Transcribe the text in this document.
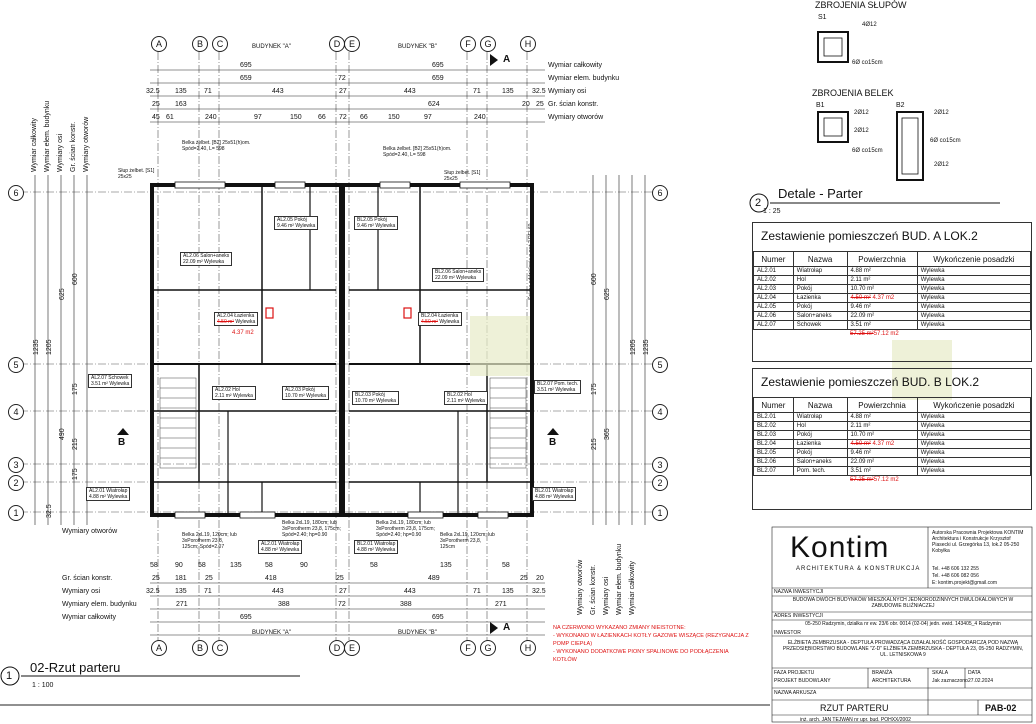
ZBROJENIA SŁUPÓW
S1
4Ø12
6Ø co15cm
ZBROJENIA BELEK
B1	B2
2Ø12
2Ø12
6Ø co15cm
2Ø12
6Ø co15cm
2Ø12
2
Detale - Parter
1 : 25
Zestawienie pomieszczeń BUD. A LOK.2
Numer	Nazwa	Powierzchnia	Wykończenie posadzki
AL2.01	Wiatrołap	4.88 m²	Wylewka
AL2.02	Hol	2.11 m²	Wylewka
AL2.03	Pokój	10.70 m²	Wylewka
AL2.04	Łazienka	4.50 m² 4.37 m2	Wylewka
AL2.05	Pokój	9.46 m²	Wylewka
AL2.06	Salon+aneks	22.09 m²	Wylewka
AL2.07	Schowek	3.51 m²	Wylewka
		57.25 m²57.12 m2	
Zestawienie pomieszczeń BUD. B LOK.2
Numer	Nazwa	Powierzchnia	Wykończenie posadzki
BL2.01	Wiatrołap	4.88 m²	Wylewka
BL2.02	Hol	2.11 m²	Wylewka
BL2.03	Pokój	10.70 m²	Wylewka
BL2.04	Łazienka	4.50 m² 4.37 m2	Wylewka
BL2.05	Pokój	9.46 m²	Wylewka
BL2.06	Salon+aneks	22.09 m²	Wylewka
BL2.07	Pom. tech.	3.51 m²	Wylewka
		57.25 m²57.12 m2	
Kontim
ARCHITEKTURA & KONSTRUKCJA
Autorska Pracownia Projektowa KONTIM Architektura i Konstrukcje Krzysztof Piasecki ul. Grzegórka 13, lok.2 05-250 Kobyłka
Tel. +48 606 132 255
Tel. +48 606 082 056
E: kontim.projekt@gmail.com
NAZWA INWESTYCJI
BUDOWA DWÓCH BUDYNKÓW MIESZKALNYCH JEDNORODZINNYCH DWULOKALOWYCH W ZABUDOWIE BLIŹNIACZEJ
ADRES INWESTYCJI
05-250 Radzymin, działka nr ew. 23/6 obr. 0014 (02-04) jedn. ewid. 143405_4 Radzymin
INWESTOR
ELŻBIETA ZEMBRZUSKA - DEPTUŁA PROWADZĄCA DZIAŁALNOŚĆ GOSPODARCZĄ POD NAZWĄ PRZEDSIĘBIORSTWO BUDOWLANE "Z-D" ELŻBIETA ZEMBRZUSKA - DEPTUŁA 23, 05-250 RADZYMIN, UL. LETNISKOWA 9
FAZA PROJEKTU
PROJEKT BUDOWLANY
BRANŻA
ARCHITEKTURA
SKALA
Jak zaznaczono
DATA
27.02.2024
NAZWA ARKUSZA
RZUT PARTERU	PAB-02
inż. arch. JAN TEJWAN nr upr. bud. POHXX/2002
NA CZERWONO WYKAZANO ZMIANY NIEISTOTNE:
- WYKONANO W ŁAZIENKACH KOTŁY GAZOWE WISZĄCE (REZYGNACJA Z
POMP CIEPŁA)
- WYKONANO DODATKOWE PIONY SPALINOWE DO PODŁĄCZENIA
KOTŁÓW
1
02-Rzut parteru
1 : 100
BUDYNEK "A"	BUDYNEK "B"
BUDYNEK "A"	BUDYNEK "B"
B	B
A
A
Ściana oddzielenia p.poż 2 REI 60
A	B	C	D E	F	G	H
A	B	C	D E	F	G	H
6
5
4
3
2
1
6
5
4
3
2
1
Wymiar całkowity
Wymiar elem. budynku
Wymiary osi
Gr. ścian konstr.
Wymiary otworów
695	695
659	72	659
32.5 135 71	443	27	443	71	135	32.5
25 163	624	20 25
45 61	240	97	150 66 72 66	150	97	240
Wymiary otworów
Gr. ścian konstr.
Wymiary osi
Wymiary elem. budynku
Wymiar całkowity
58 90 58	135	58	90	58	135	58
25 181	25	418	25	489	25 20
32.5 135 71	443	27	443	71	135	32.5
271	388	72	388	271
695	695
Wymiar całkowity Wymiar elem. budynku Wymiary osi Gr. ścian konstr. Wymiary otworów
Wymiary otworów Gr. ścian konstr. Wymiary osi Wymiar elem. budynku Wymiar całkowity
1235
625
600
1205
175
490
215
175
32.5
625
600
1205 1235
175
365
215
Belka żelbet. [B2] 25x51(h)om. Spód=2.40, L= 598	Belka żelbet. [B2] 25x51(h)om. Spód=2.40, L= 598
Słup żelbet. [S1] 25x25
Słup żelbet. [S1] 25x25
Belka 2xL19, 180cm; lub 3xPorotherm 23,8, 175cm; Spód=2.40; hp=0.90
Belka 2xL19, 120cm; lub 3xPorotherm 23,8, 125cm; Spód=2.07
Belka 2xL19, 120cm; lub 3xPorotherm 23,8, 125cm
Belka 2xL19, 180cm; lub 3xPorotherm 23,8, 175cm; Spód=2.40; hp=0.90
AL2.06 Salon+aneks
22.09 m² Wylewka
AL2.05 Pokój
9.46 m² Wylewka
AL2.04 Łazienka
4.50 m² Wylewka
4.37 m2
AL2.07 Schowek
3.51 m² Wylewka
AL2.02 Hol
2.11 m² Wylewka
AL2.03 Pokój
10.70 m² Wylewka
AL2.01 Wiatrołap
4.88 m² Wylewka
AL2.01 Wiatrołap
4.88 m² Wylewka
BL2.06 Salon+aneks
22.09 m² Wylewka
BL2.05 Pokój
9.46 m² Wylewka
BL2.04 Łazienka
4.50 m² Wylewka
BL2.07 Pom. tech.
3.51 m² Wylewka
BL2.02 Hol
2.11 m² Wylewka
BL2.03 Pokój
10.70 m² Wylewka
BL2.01 Wiatrołap
4.88 m² Wylewka
BL2.01 Wiatrołap
4.88 m² Wylewka
